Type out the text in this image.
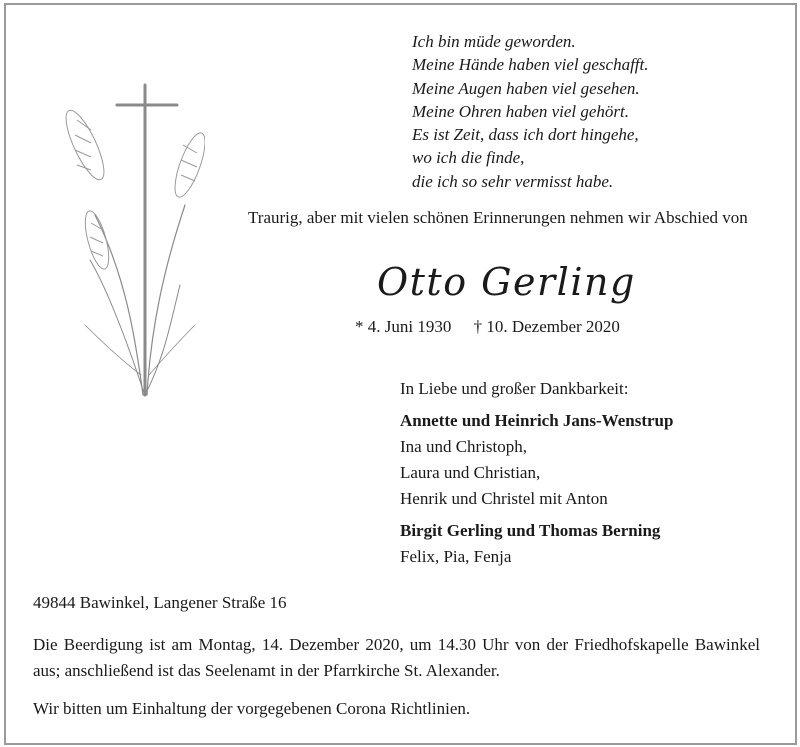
Ich bin müde geworden.
Meine Hände haben viel geschafft.
Meine Augen haben viel gesehen.
Meine Ohren haben viel gehört.
Es ist Zeit, dass ich dort hingehe,
wo ich die finde,
die ich so sehr vermisst habe.
Traurig, aber mit vielen schönen Erinnerungen nehmen wir Abschied von
Otto Gerling
* 4. Juni 1930 † 10. Dezember 2020
In Liebe und großer Dankbarkeit:
Annette und Heinrich Jans-Wenstrup
Ina und Christoph,
Laura und Christian,
Henrik und Christel mit Anton
Birgit Gerling und Thomas Berning
Felix, Pia, Fenja
49844 Bawinkel, Langener Straße 16
Die Beerdigung ist am Montag, 14. Dezember 2020, um 14.30 Uhr von der Friedhofskapelle Bawinkel aus; anschließend ist das Seelenamt in der Pfarrkirche St. Alexander.
Wir bitten um Einhaltung der vorgegebenen Corona Richtlinien.
